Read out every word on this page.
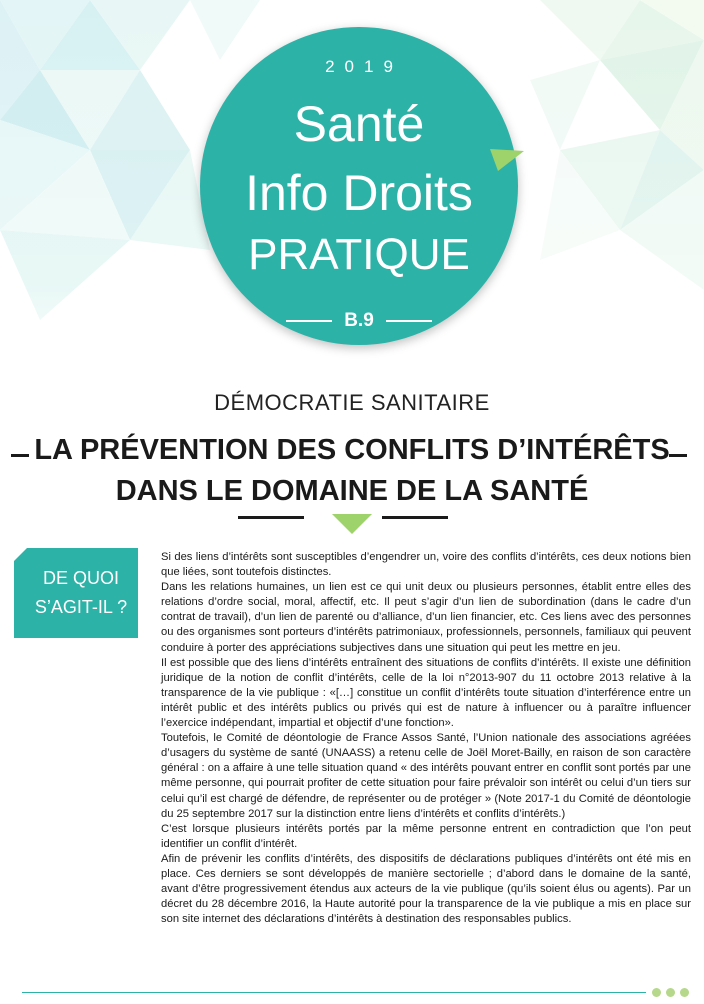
2019
Santé
Info Droits
PRATIQUE
B.9
DÉMOCRATIE SANITAIRE
LA PRÉVENTION DES CONFLITS D’INTÉRÊTS
DANS LE DOMAINE DE LA SANTÉ
DE QUOI
S’AGIT-IL ?

Si des liens d’intérêts sont susceptibles d’engendrer un, voire des conflits d’intérêts, ces deux notions bien que liées, sont toutefois distinctes.

Dans les relations humaines, un lien est ce qui unit deux ou plusieurs personnes, établit entre elles des relations d’ordre social, moral, affectif, etc. Il peut s’agir d’un lien de subordination (dans le cadre d’un contrat de travail), d’un lien de parenté ou d’alliance, d’un lien financier, etc. Ces liens avec des personnes ou des organismes sont porteurs d’intérêts patrimoniaux, professionnels, personnels, familiaux qui peuvent conduire à porter des appréciations subjectives dans une situation qui peut les mettre en jeu.

Il est possible que des liens d’intérêts entraînent des situations de conflits d’intérêts. Il existe une définition juridique de la notion de conflit d’intérêts, celle de la loi n°2013-907 du 11 octobre 2013 relative à la transparence de la vie publique : «[…] constitue un conflit d’intérêts toute situation d’interférence entre un intérêt public et des intérêts publics ou privés qui est de nature à influencer ou à paraître influencer l’exercice indépendant, impartial et objectif d’une fonction».

Toutefois, le Comité de déontologie de France Assos Santé, l’Union nationale des associations agréées d’usagers du système de santé (UNAASS) a retenu celle de Joël Moret-Bailly, en raison de son caractère général : on a affaire à une telle situation quand « des intérêts pouvant entrer en conflit sont portés par une même personne, qui pourrait profiter de cette situation pour faire prévaloir son intérêt ou celui d’un tiers sur celui qu’il est chargé de défendre, de représenter ou de protéger » (Note 2017-1 du Comité de déontologie du 25 septembre 2017 sur la distinction entre liens d’intérêts et conflits d’intérêts.)

C’est lorsque plusieurs intérêts portés par la même personne entrent en contradiction que l’on peut identifier un conflit d’intérêt.

Afin de prévenir les conflits d’intérêts, des dispositifs de déclarations publiques d’intérêts ont été mis en place. Ces derniers se sont développés de manière sectorielle ; d’abord dans le domaine de la santé, avant d’être progressivement étendus aux acteurs de la vie publique (qu’ils soient élus ou agents). Par un décret du 28 décembre 2016, la Haute autorité pour la transparence de la vie publique a mis en place sur son site internet des déclarations d’intérêts à destination des responsables publics.
